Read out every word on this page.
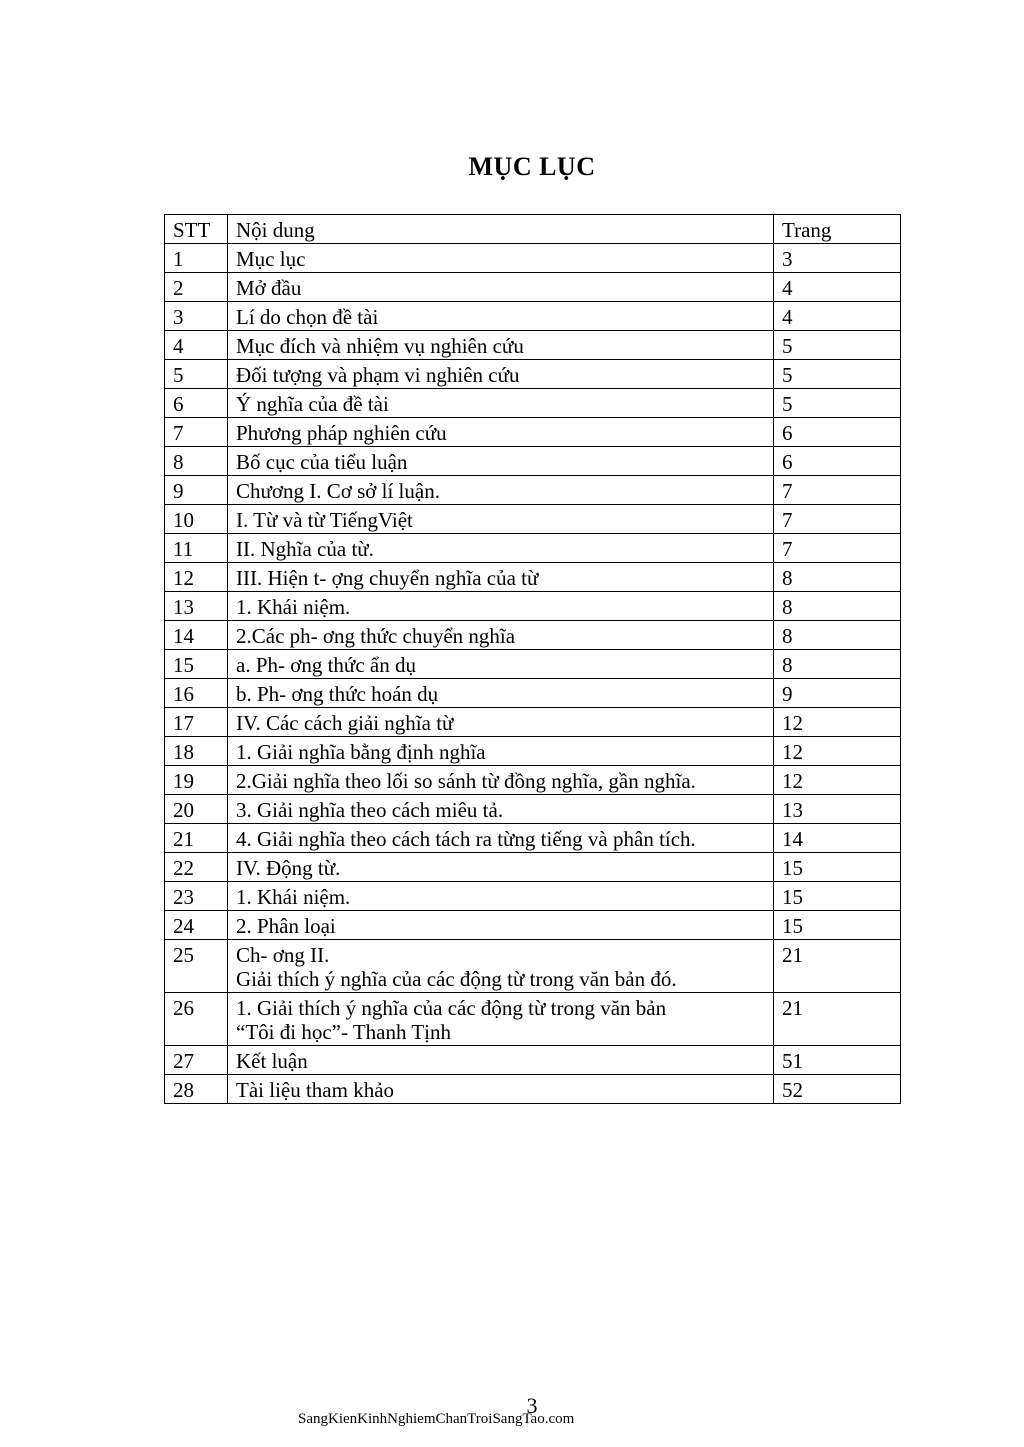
MỤC LỤC
STT	Nội dung	Trang
1	Mục lục	3
2	Mở đầu	4
3	Lí do chọn đề tài	4
4	Mục đích và nhiệm vụ nghiên cứu	5
5	Đối tượng và phạm vi nghiên cứu	5
6	Ý nghĩa của đề tài	5
7	Phương pháp nghiên cứu	6
8	Bố cục của tiểu luận	6
9	Chương I. Cơ sở lí luận.	7
10	I. Từ và từ TiếngViệt	7
11	II. Nghĩa của từ.	7
12	III. Hiện t- ợng chuyển nghĩa của từ	8
13	1. Khái niệm.	8
14	2.Các ph- ơng thức chuyển nghĩa	8
15	a. Ph- ơng thức ẩn dụ	8
16	b. Ph- ơng thức hoán dụ	9
17	IV. Các cách giải nghĩa từ	12
18	1. Giải nghĩa bằng định nghĩa	12
19	2.Giải nghĩa theo lối so sánh từ đồng nghĩa, gần nghĩa.	12
20	3. Giải nghĩa theo cách miêu tả.	13
21	4. Giải nghĩa theo cách tách ra từng tiếng và phân tích.	14
22	IV. Động từ.	15
23	1. Khái niệm.	15
24	2. Phân loại	15
25	Ch- ơng II.
Giải thích ý nghĩa của các động từ trong văn bản đó.	21
26	1. Giải thích ý nghĩa của các động từ trong văn bản
“Tôi đi học”- Thanh Tịnh	21
27	Kết luận	51
28	Tài liệu tham khảo	52
3
SangKienKinhNghiemChanTroiSangTao.com
